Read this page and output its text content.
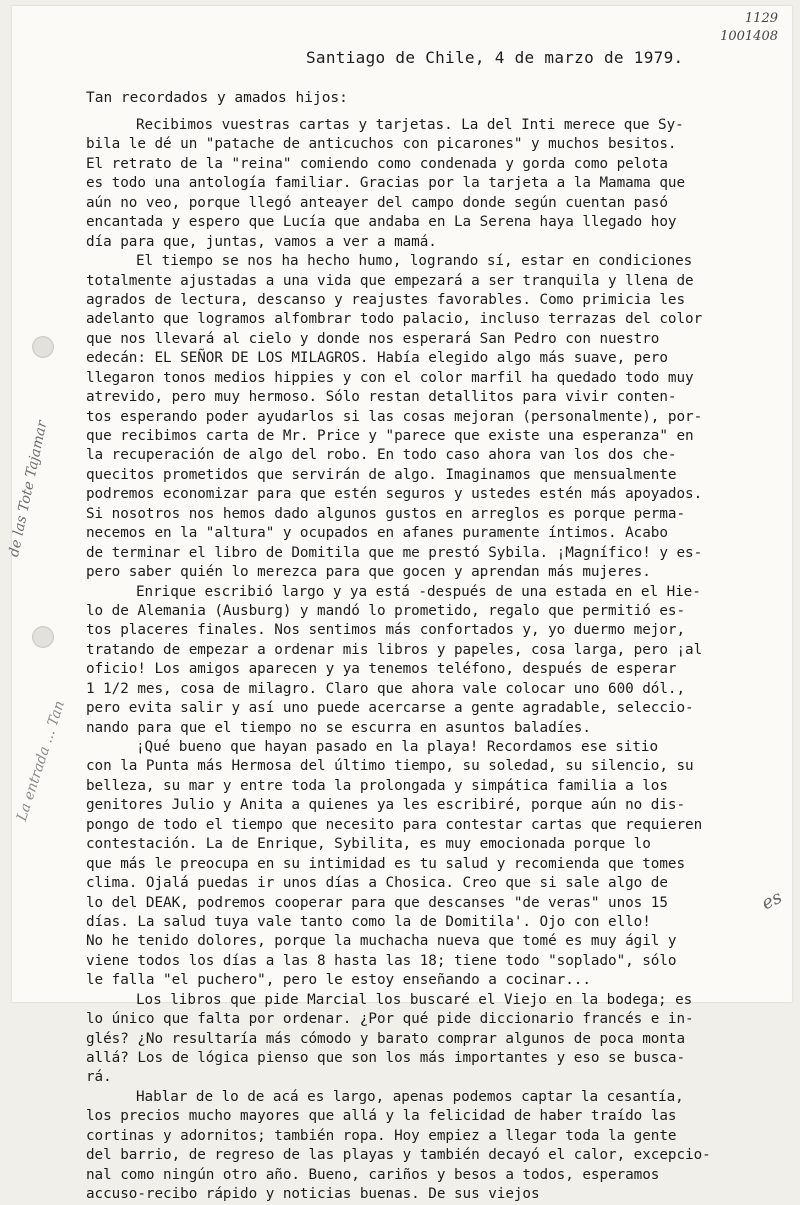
1129
1001408
Santiago de Chile, 4 de marzo de 1979.
Tan recordados y amados hijos:
Recibimos vuestras cartas y tarjetas. La del Inti merece que Sy-
bila le dé un "patache de anticuchos con picarones" y muchos besitos.
El retrato de la "reina" comiendo como condenada y gorda como pelota
es todo una antología familiar. Gracias por la tarjeta a la Mamama que
aún no veo, porque llegó anteayer del campo donde según cuentan pasó
encantada y espero que Lucía que andaba en La Serena haya llegado hoy
día para que, juntas, vamos a ver a mamá.
El tiempo se nos ha hecho humo, logrando sí, estar en condiciones
totalmente ajustadas a una vida que empezará a ser tranquila y llena de
agrados de lectura, descanso y reajustes favorables. Como primicia les
adelanto que logramos alfombrar todo palacio, incluso terrazas del color
que nos llevará al cielo y donde nos esperará San Pedro con nuestro
edecán: EL SEÑOR DE LOS MILAGROS. Había elegido algo más suave, pero
llegaron tonos medios hippies y con el color marfil ha quedado todo muy
atrevido, pero muy hermoso. Sólo restan detallitos para vivir conten-
tos esperando poder ayudarlos si las cosas mejoran (personalmente), por-
que recibimos carta de Mr. Price y "parece que existe una esperanza" en
la recuperación de algo del robo. En todo caso ahora van los dos che-
quecitos prometidos que servirán de algo. Imaginamos que mensualmente
podremos economizar para que estén seguros y ustedes estén más apoyados.
Si nosotros nos hemos dado algunos gustos en arreglos es porque perma-
necemos en la "altura" y ocupados en afanes puramente íntimos. Acabo
de terminar el libro de Domitila que me prestó Sybila. ¡Magnífico! y es-
pero saber quién lo merezca para que gocen y aprendan más mujeres.
Enrique escribió largo y ya está -después de una estada en el Hie-
lo de Alemania (Ausburg) y mandó lo prometido, regalo que permitió es-
tos placeres finales. Nos sentimos más confortados y, yo duermo mejor,
tratando de empezar a ordenar mis libros y papeles, cosa larga, pero ¡al
oficio! Los amigos aparecen y ya tenemos teléfono, después de esperar
1 1/2 mes, cosa de milagro. Claro que ahora vale colocar uno 600 dól.,
pero evita salir y así uno puede acercarse a gente agradable, seleccio-
nando para que el tiempo no se escurra en asuntos baladíes.
¡Qué bueno que hayan pasado en la playa! Recordamos ese sitio
con la Punta más Hermosa del último tiempo, su soledad, su silencio, su
belleza, su mar y entre toda la prolongada y simpática familia a los
genitores Julio y Anita a quienes ya les escribiré, porque aún no dis-
pongo de todo el tiempo que necesito para contestar cartas que requieren
contestación. La de Enrique, Sybilita, es muy emocionada porque lo
que más le preocupa en su intimidad es tu salud y recomienda que tomes
clima. Ojalá puedas ir unos días a Chosica. Creo que si sale algo de
lo del DEAK, podremos cooperar para que descanses "de veras" unos 15
días. La salud tuya vale tanto como la de Domitila'. Ojo con ello!
No he tenido dolores, porque la muchacha nueva que tomé es muy ágil y
viene todos los días a las 8 hasta las 18; tiene todo "soplado", sólo
le falla "el puchero", pero le estoy enseñando a cocinar...
Los libros que pide Marcial los buscaré el Viejo en la bodega; es
lo único que falta por ordenar. ¿Por qué pide diccionario francés e in-
glés? ¿No resultaría más cómodo y barato comprar algunos de poca monta
allá? Los de lógica pienso que son los más importantes y eso se busca-
rá.
Hablar de lo de acá es largo, apenas podemos captar la cesantía,
los precios mucho mayores que allá y la felicidad de haber traído las
cortinas y adornitos; también ropa. Hoy empiez a llegar toda la gente
del barrio, de regreso de las playas y también decayó el calor, excepcio-
nal como ningún otro año. Bueno, cariños y besos a todos, esperamos
accuso-recibo rápido y noticias buenas. De sus viejos
de las Tote Tajamar
La entrada ... Tan
es
